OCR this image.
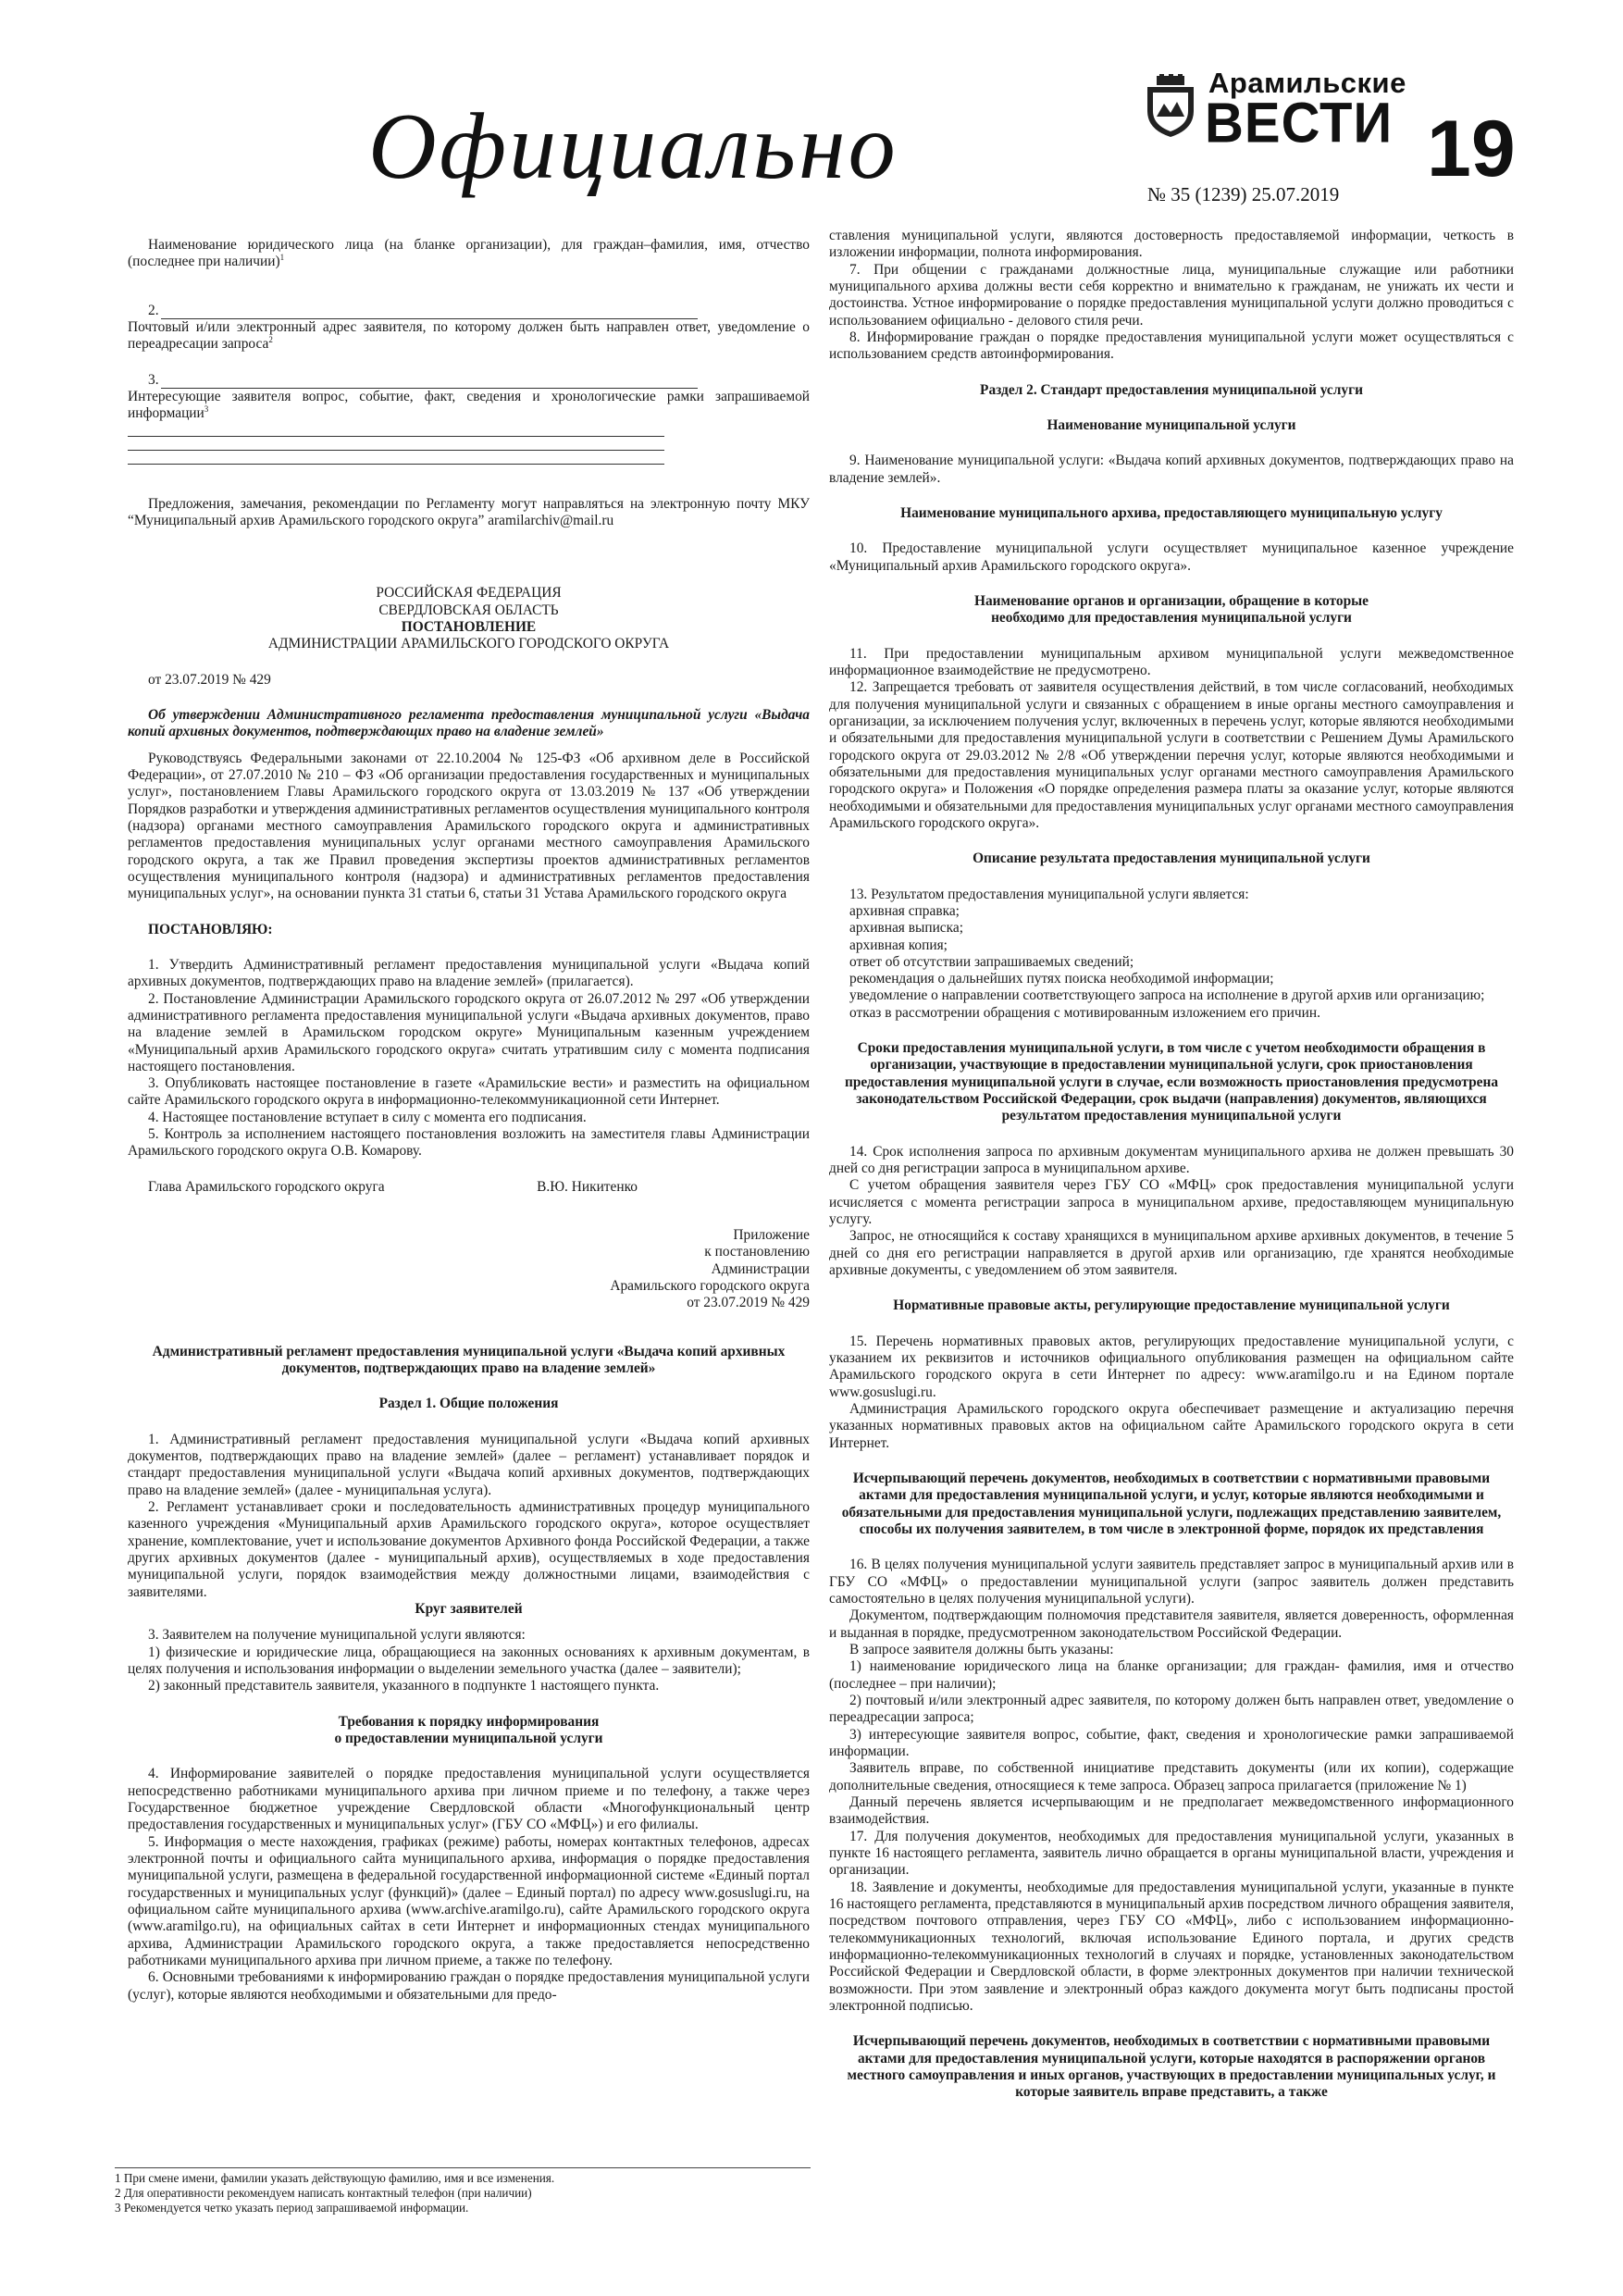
Официально
Арамильские
ВЕСТИ
№ 35 (1239) 25.07.2019
19

Наименование юридического лица (на бланке организации), для граждан–фамилия, имя, отчество (последнее при наличии)$^1$

2.

Почтовый и/или электронный адрес заявителя, по которому должен быть направлен ответ, уведомление о переадресации запроса$^2$

3.

Интересующие заявителя вопрос, событие, факт, сведения и хронологические рамки запрашиваемой информации$^3$

Предложения, замечания, рекомендации по Регламенту могут направляться на электронную почту МКУ “Муниципальный архив Арамильского городского округа” aramilarchiv@mail.ru

РОССИЙСКАЯ ФЕДЕРАЦИЯ

СВЕРДЛОВСКАЯ ОБЛАСТЬ

ПОСТАНОВЛЕНИЕ

АДМИНИСТРАЦИИ АРАМИЛЬСКОГО ГОРОДСКОГО ОКРУГА

от 23.07.2019 № 429

Об утверждении Административного регламента предоставления муниципальной услуги «Выдача копий архивных документов, подтверждающих право на владение землей»

Руководствуясь Федеральными законами от 22.10.2004 № 125-ФЗ «Об архивном деле в Российской Федерации», от 27.07.2010 № 210 – ФЗ «Об организации предоставления государственных и муниципальных услуг», постановлением Главы Арамильского городского округа от 13.03.2019 № 137 «Об утверждении Порядков разработки и утверждения административных регламентов осуществления муниципального контроля (надзора) органами местного самоуправления Арамильского городского округа и административных регламентов предоставления муниципальных услуг органами местного самоуправления Арамильского городского округа, а так же Правил проведения экспертизы проектов административных регламентов осуществления муниципального контроля (надзора) и административных регламентов предоставления муниципальных услуг», на основании пункта 31 статьи 6, статьи 31 Устава Арамильского городского округа

ПОСТАНОВЛЯЮ:

1. Утвердить Административный регламент предоставления муниципальной услуги «Выдача копий архивных документов, подтверждающих право на владение землей» (прилагается).

2. Постановление Администрации Арамильского городского округа от 26.07.2012 № 297 «Об утверждении административного регламента предоставления муниципальной услуги «Выдача архивных документов, право на владение землей в Арамильском городском округе» Муниципальным казенным учреждением «Муниципальный архив Арамильского городского округа» считать утратившим силу с момента подписания настоящего постановления.

3. Опубликовать настоящее постановление в газете «Арамильские вести» и разместить на официальном сайте Арамильского городского округа в информационно-телекоммуникационной сети Интернет.

4. Настоящее постановление вступает в силу с момента его подписания.

5. Контроль за исполнением настоящего постановления возложить на заместителя главы Администрации Арамильского городского округа О.В. Комарову.

Глава Арамильского городского округа	В.Ю. Никитенко

Приложение

к постановлению

Администрации

Арамильского городского округа

от 23.07.2019 № 429

Административный регламент предоставления муниципальной услуги «Выдача копий архивных документов, подтверждающих право на владение землей»

Раздел 1. Общие положения

1. Административный регламент предоставления муниципальной услуги «Выдача копий архивных документов, подтверждающих право на владение землей» (далее – регламент) устанавливает порядок и стандарт предоставления муниципальной услуги «Выдача копий архивных документов, подтверждающих право на владение землей» (далее - муниципальная услуга).

2. Регламент устанавливает сроки и последовательность административных процедур муниципального казенного учреждения «Муниципальный архив Арамильского городского округа», которое осуществляет хранение, комплектование, учет и использование документов Архивного фонда Российской Федерации, а также других архивных документов (далее - муниципальный архив), осуществляемых в ходе предоставления муниципальной услуги, порядок взаимодействия между должностными лицами, взаимодействия с заявителями.

Круг заявителей

3. Заявителем на получение муниципальной услуги являются:

1) физические и юридические лица, обращающиеся на законных основаниях к архивным документам, в целях получения и использования информации о выделении земельного участка (далее – заявители);

2) законный представитель заявителя, указанного в подпункте 1 настоящего пункта.

Требования к порядку информирования

о предоставлении муниципальной услуги

4. Информирование заявителей о порядке предоставления муниципальной услуги осуществляется непосредственно работниками муниципального архива при личном приеме и по телефону, а также через Государственное бюджетное учреждение Свердловской области «Многофункциональный центр предоставления государственных и муниципальных услуг» (ГБУ СО «МФЦ») и его филиалы.

5. Информация о месте нахождения, графиках (режиме) работы, номерах контактных телефонов, адресах электронной почты и официального сайта муниципального архива, информация о порядке предоставления муниципальной услуги, размещена в федеральной государственной информационной системе «Единый портал государственных и муниципальных услуг (функций)» (далее – Единый портал) по адресу www.gosuslugi.ru, на официальном сайте муниципального архива (www.archive.aramilgo.ru), сайте Арамильского городского округа (www.aramilgo.ru), на официальных сайтах в сети Интернет и информационных стендах муниципального архива, Администрации Арамильского городского округа, а также предоставляется непосредственно работниками муниципального архива при личном приеме, а также по телефону.

6. Основными требованиями к информированию граждан о порядке предоставления муниципальной услуги (услуг), которые являются необходимыми и обязательными для предо-

1 При смене имени, фамилии указать действующую фамилию, имя и все изменения.

2 Для оперативности рекомендуем написать контактный телефон (при наличии)

3 Рекомендуется четко указать период запрашиваемой информации.

ставления муниципальной услуги, являются достоверность предоставляемой информации, четкость в изложении информации, полнота информирования.

7. При общении с гражданами должностные лица, муниципальные служащие или работники муниципального архива должны вести себя корректно и внимательно к гражданам, не унижать их чести и достоинства. Устное информирование о порядке предоставления муниципальной услуги должно проводиться с использованием официально - делового стиля речи.

8. Информирование граждан о порядке предоставления муниципальной услуги может осуществляться с использованием средств автоинформирования.

Раздел 2. Стандарт предоставления муниципальной услуги

Наименование муниципальной услуги

9. Наименование муниципальной услуги: «Выдача копий архивных документов, подтверждающих право на владение землей».

Наименование муниципального архива, предоставляющего муниципальную услугу

10. Предоставление муниципальной услуги осуществляет муниципальное казенное учреждение «Муниципальный архив Арамильского городского округа».

Наименование органов и организации, обращение в которые

необходимо для предоставления муниципальной услуги

11. При предоставлении муниципальным архивом муниципальной услуги межведомственное информационное взаимодействие не предусмотрено.

12. Запрещается требовать от заявителя осуществления действий, в том числе согласований, необходимых для получения муниципальной услуги и связанных с обращением в иные органы местного самоуправления и организации, за исключением получения услуг, включенных в перечень услуг, которые являются необходимыми и обязательными для предоставления муниципальной услуги в соответствии с Решением Думы Арамильского городского округа от 29.03.2012 № 2/8 «Об утверждении перечня услуг, которые являются необходимыми и обязательными для предоставления муниципальных услуг органами местного самоуправления Арамильского городского округа» и Положения «О порядке определения размера платы за оказание услуг, которые являются необходимыми и обязательными для предоставления муниципальных услуг органами местного самоуправления Арамильского городского округа».

Описание результата предоставления муниципальной услуги

13. Результатом предоставления муниципальной услуги является:

архивная справка;

архивная выписка;

архивная копия;

ответ об отсутствии запрашиваемых сведений;

рекомендация о дальнейших путях поиска необходимой информации;

уведомление о направлении соответствующего запроса на исполнение в другой архив или организацию;

отказ в рассмотрении обращения с мотивированным изложением его причин.

Сроки предоставления муниципальной услуги, в том числе с учетом необходимости обращения в организации, участвующие в предоставлении муниципальной услуги, срок приостановления предоставления муниципальной услуги в случае, если возможность приостановления предусмотрена законодательством Российской Федерации, срок выдачи (направления) документов, являющихся результатом предоставления муниципальной услуги

14. Срок исполнения запроса по архивным документам муниципального архива не должен превышать 30 дней со дня регистрации запроса в муниципальном архиве.

С учетом обращения заявителя через ГБУ СО «МФЦ» срок предоставления муниципальной услуги исчисляется с момента регистрации запроса в муниципальном архиве, предоставляющем муниципальную услугу.

Запрос, не относящийся к составу хранящихся в муниципальном архиве архивных документов, в течение 5 дней со дня его регистрации направляется в другой архив или организацию, где хранятся необходимые архивные документы, с уведомлением об этом заявителя.

Нормативные правовые акты, регулирующие предоставление муниципальной услуги

15. Перечень нормативных правовых актов, регулирующих предоставление муниципальной услуги, с указанием их реквизитов и источников официального опубликования размещен на официальном сайте Арамильского городского округа в сети Интернет по адресу: www.aramilgo.ru и на Едином портале www.gosuslugi.ru.

Администрация Арамильского городского округа обеспечивает размещение и актуализацию перечня указанных нормативных правовых актов на официальном сайте Арамильского городского округа в сети Интернет.

Исчерпывающий перечень документов, необходимых в соответствии с нормативными правовыми актами для предоставления муниципальной услуги, и услуг, которые являются необходимыми и обязательными для предоставления муниципальной услуги, подлежащих представлению заявителем, способы их получения заявителем, в том числе в электронной форме, порядок их представления

16. В целях получения муниципальной услуги заявитель представляет запрос в муниципальный архив или в ГБУ СО «МФЦ» о предоставлении муниципальной услуги (запрос заявитель должен представить самостоятельно в целях получения муниципальной услуги).

Документом, подтверждающим полномочия представителя заявителя, является доверенность, оформленная и выданная в порядке, предусмотренном законодательством Российской Федерации.

В запросе заявителя должны быть указаны:

1) наименование юридического лица на бланке организации; для граждан- фамилия, имя и отчество (последнее – при наличии);

2) почтовый и/или электронный адрес заявителя, по которому должен быть направлен ответ, уведомление о переадресации запроса;

3) интересующие заявителя вопрос, событие, факт, сведения и хронологические рамки запрашиваемой информации.

Заявитель вправе, по собственной инициативе представить документы (или их копии), содержащие дополнительные сведения, относящиеся к теме запроса. Образец запроса прилагается (приложение № 1)

Данный перечень является исчерпывающим и не предполагает межведомственного информационного взаимодействия.

17. Для получения документов, необходимых для предоставления муниципальной услуги, указанных в пункте 16 настоящего регламента, заявитель лично обращается в органы муниципальной власти, учреждения и организации.

18. Заявление и документы, необходимые для предоставления муниципальной услуги, указанные в пункте 16 настоящего регламента, представляются в муниципальный архив посредством личного обращения заявителя, посредством почтового отправления, через ГБУ СО «МФЦ», либо с использованием информационно-телекоммуникационных технологий, включая использование Единого портала, и других средств информационно-телекоммуникационных технологий в случаях и порядке, установленных законодательством Российской Федерации и Свердловской области, в форме электронных документов при наличии технической возможности. При этом заявление и электронный образ каждого документа могут быть подписаны простой электронной подписью.

Исчерпывающий перечень документов, необходимых в соответствии с нормативными правовыми актами для предоставления муниципальной услуги, которые находятся в распоряжении органов местного самоуправления и иных органов, участвующих в предоставлении муниципальных услуг, и которые заявитель вправе представить, а также
